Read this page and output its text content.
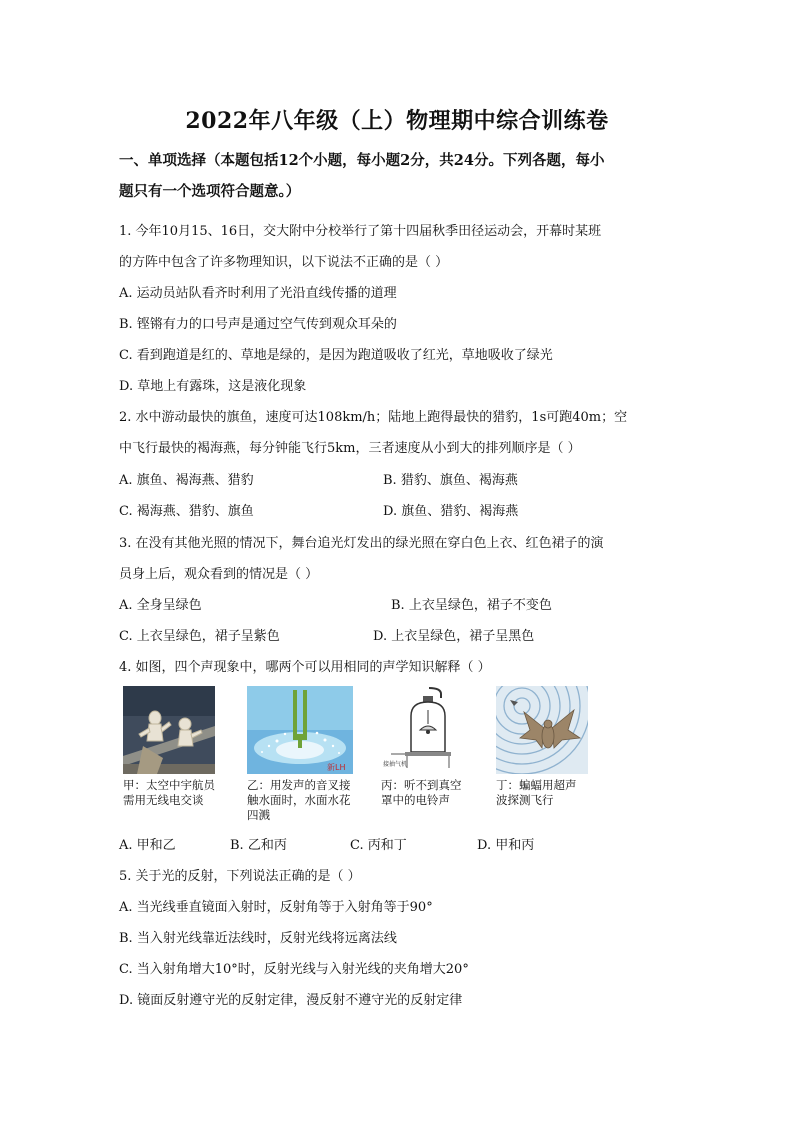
2022年八年级（上）物理期中综合训练卷
一、单项选择（本题包括12个小题，每小题2分，共24分。下列各题，每小
题只有一个选项符合题意。）
1. 今年10月15、16日，交大附中分校举行了第十四届秋季田径运动会，开幕时某班
的方阵中包含了许多物理知识，以下说法不正确的是（ ）
A. 运动员站队看齐时利用了光沿直线传播的道理
B. 铿锵有力的口号声是通过空气传到观众耳朵的
C. 看到跑道是红的、草地是绿的，是因为跑道吸收了红光，草地吸收了绿光
D. 草地上有露珠，这是液化现象
2. 水中游动最快的旗鱼，速度可达108km/h；陆地上跑得最快的猎豹，1s可跑40m；空
中飞行最快的褐海燕，每分钟能飞行5km，三者速度从小到大的排列顺序是（ ）
A. 旗鱼、褐海燕、猎豹	B. 猎豹、旗鱼、褐海燕
C. 褐海燕、猎豹、旗鱼	D. 旗鱼、猎豹、褐海燕
3. 在没有其他光照的情况下，舞台追光灯发出的绿光照在穿白色上衣、红色裙子的演
员身上后，观众看到的情况是（ ）
A. 全身呈绿色	B. 上衣呈绿色，裙子不变色
C. 上衣呈绿色，裙子呈紫色	D. 上衣呈绿色，裙子呈黑色
4. 如图，四个声现象中，哪两个可以用相同的声学知识解释（ ）
甲：太空中宇航员
需用无线电交谈
新LH
乙：用发声的音叉接
触水面时，水面水花
四溅
接抽气机
丙：听不到真空
罩中的电铃声
丁：蝙蝠用超声
波探测飞行
A. 甲和乙	B. 乙和丙	C. 丙和丁	D. 甲和丙
5. 关于光的反射，下列说法正确的是（ ）
A. 当光线垂直镜面入射时，反射角等于入射角等于90°
B. 当入射光线靠近法线时，反射光线将远离法线
C. 当入射角增大10°时，反射光线与入射光线的夹角增大20°
D. 镜面反射遵守光的反射定律，漫反射不遵守光的反射定律
